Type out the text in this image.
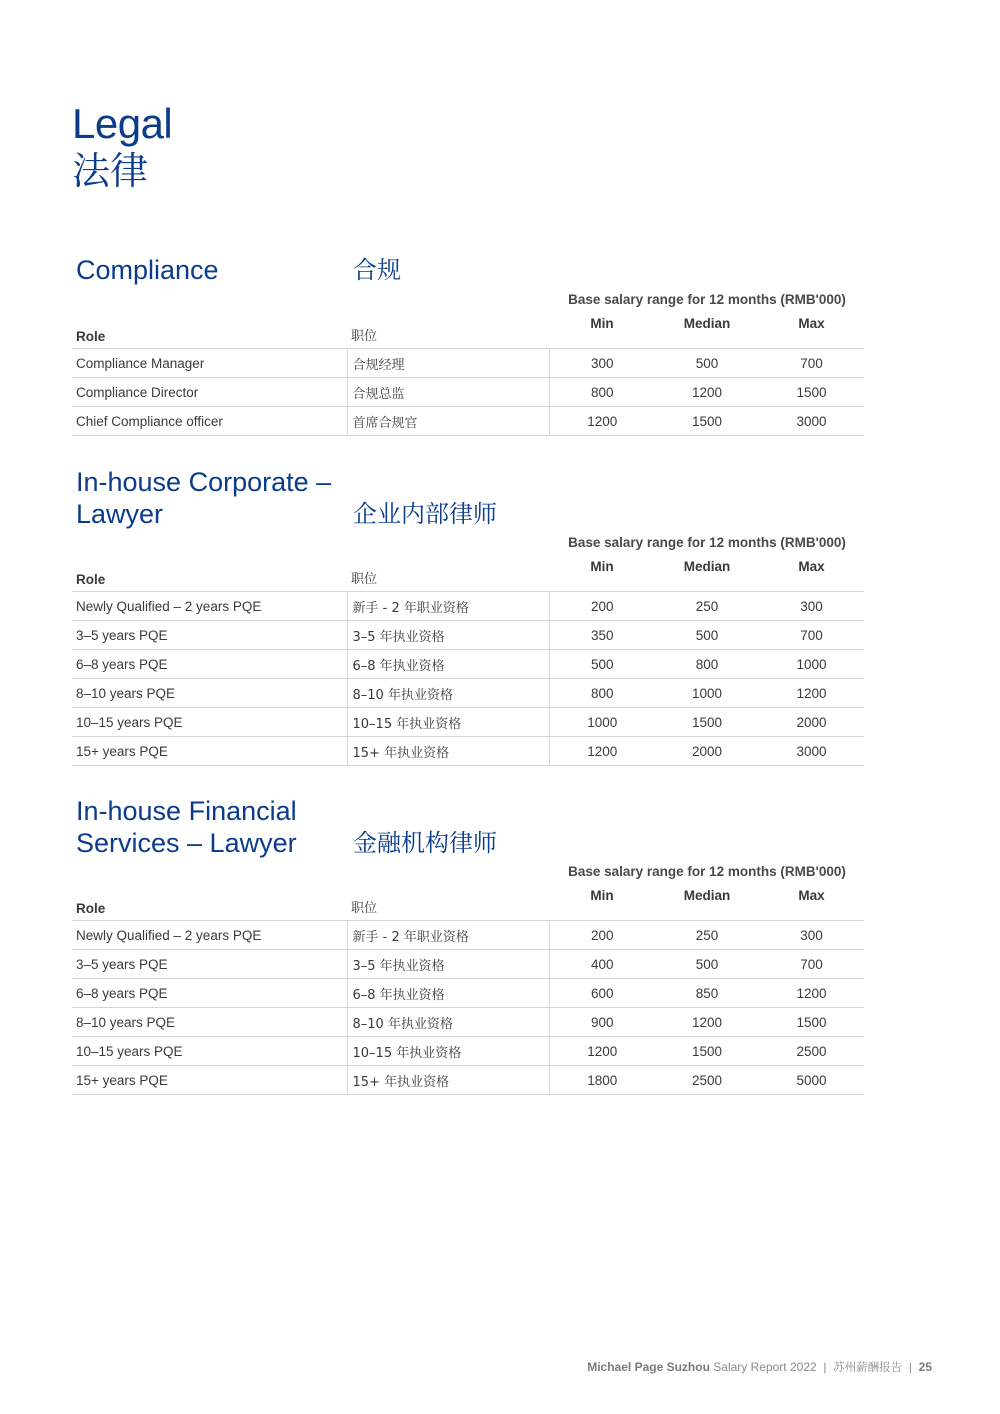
Legal
法律
Compliance	合规
Base salary range for 12 months (RMB'000)
Role	职位	Min	Median	Max
Compliance Manager	合规经理	300	500	700
Compliance Director	合规总监	800	1200	1500
Chief Compliance officer	首席合规官	1200	1500	3000
In-house Corporate –
Lawyer	企业内部律师
Base salary range for 12 months (RMB'000)
Role	职位	Min	Median	Max
Newly Qualified – 2 years PQE	新手 - 2 年职业资格	200	250	300
3–5 years PQE	3–5 年执业资格	350	500	700
6–8 years PQE	6–8 年执业资格	500	800	1000
8–10 years PQE	8–10 年执业资格	800	1000	1200
10–15 years PQE	10–15 年执业资格	1000	1500	2000
15+ years PQE	15+ 年执业资格	1200	2000	3000
In-house Financial
Services – Lawyer 金融机构律师
Base salary range for 12 months (RMB'000)
Role	职位	Min	Median	Max
Newly Qualified – 2 years PQE	新手 - 2 年职业资格	200	250	300
3–5 years PQE	3–5 年执业资格	400	500	700
6–8 years PQE	6–8 年执业资格	600	850	1200
8–10 years PQE	8–10 年执业资格	900	1200	1500
10–15 years PQE	10–15 年执业资格	1200	1500	2500
15+ years PQE	15+ 年执业资格	1800	2500	5000
Michael Page Suzhou Salary Report 2022  |  苏州薪酬报告  |  25
